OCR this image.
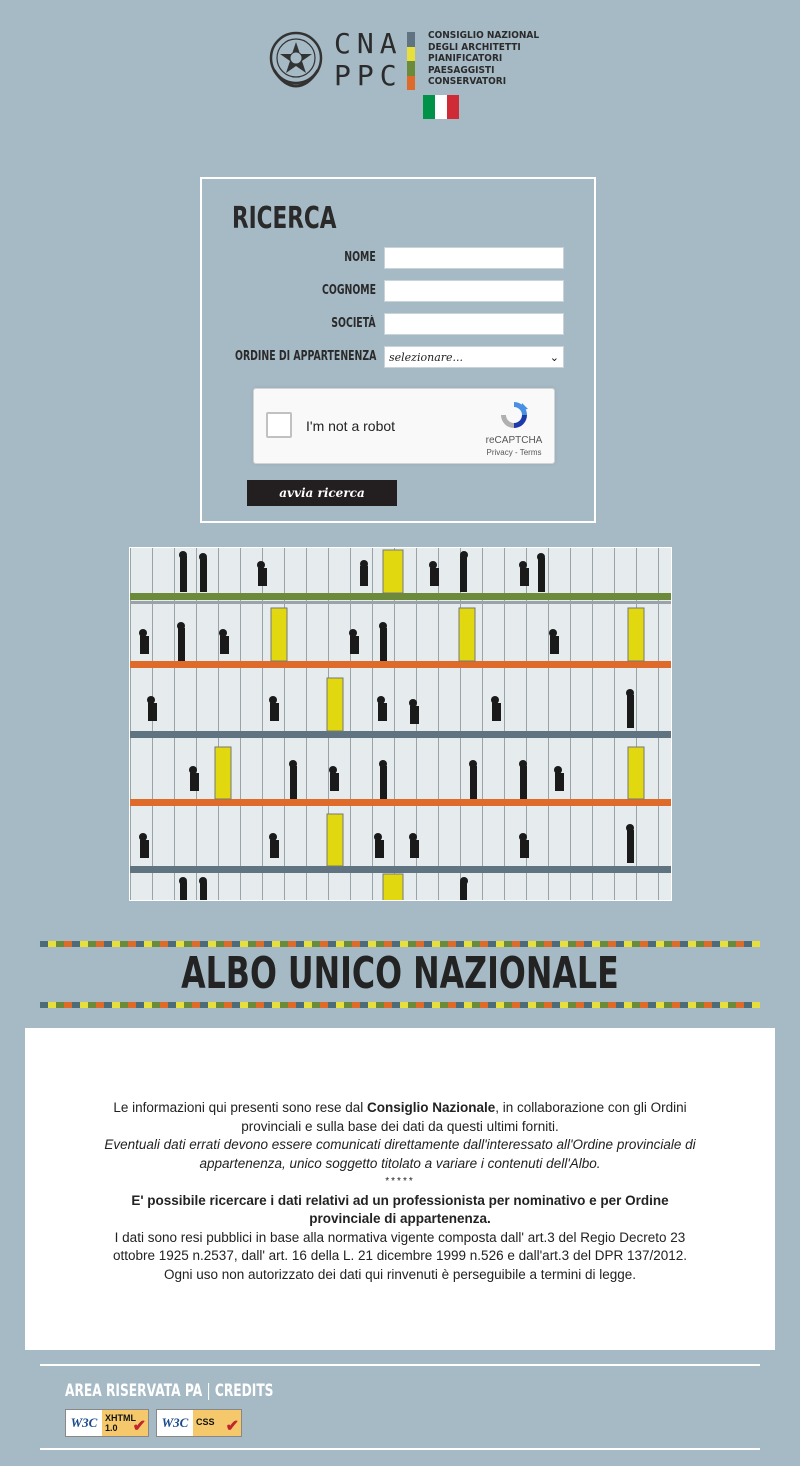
CNA
PPC
CONSIGLIO NAZIONAL
DEGLI ARCHITETTI
PIANIFICATORI
PAESAGGISTI
CONSERVATORI
RICERCA
NOME
COGNOME
SOCIETÀ
ORDINE DI APPARTENENZA selezionare...	⌄
I'm not a robot
reCAPTCHA
Privacy - Terms
avvia ricerca
ALBO UNICO NAZIONALE

Le informazioni qui presenti sono rese dal Consiglio Nazionale, in collaborazione con gli Ordini provinciali e sulla base dei dati da questi ultimi forniti.

Eventuali dati errati devono essere comunicati direttamente dall'interessato all'Ordine provinciale di appartenenza, unico soggetto titolato a variare i contenuti dell'Albo.

*****

E' possibile ricercare i dati relativi ad un professionista per nominativo e per Ordine provinciale di appartenenza.

I dati sono resi pubblici in base alla normativa vigente composta dall' art.3 del Regio Decreto 23 ottobre 1925 n.2537, dall' art. 16 della L. 21 dicembre 1999 n.526 e dall'art.3 del DPR 137/2012.

Ogni uso non autorizzato dei dati qui rinvenuti è perseguibile a termini di legge.

AREA RISERVATA PA | CREDITS
W3C XHTML
1.0 ✔	W3C CSS ✔
